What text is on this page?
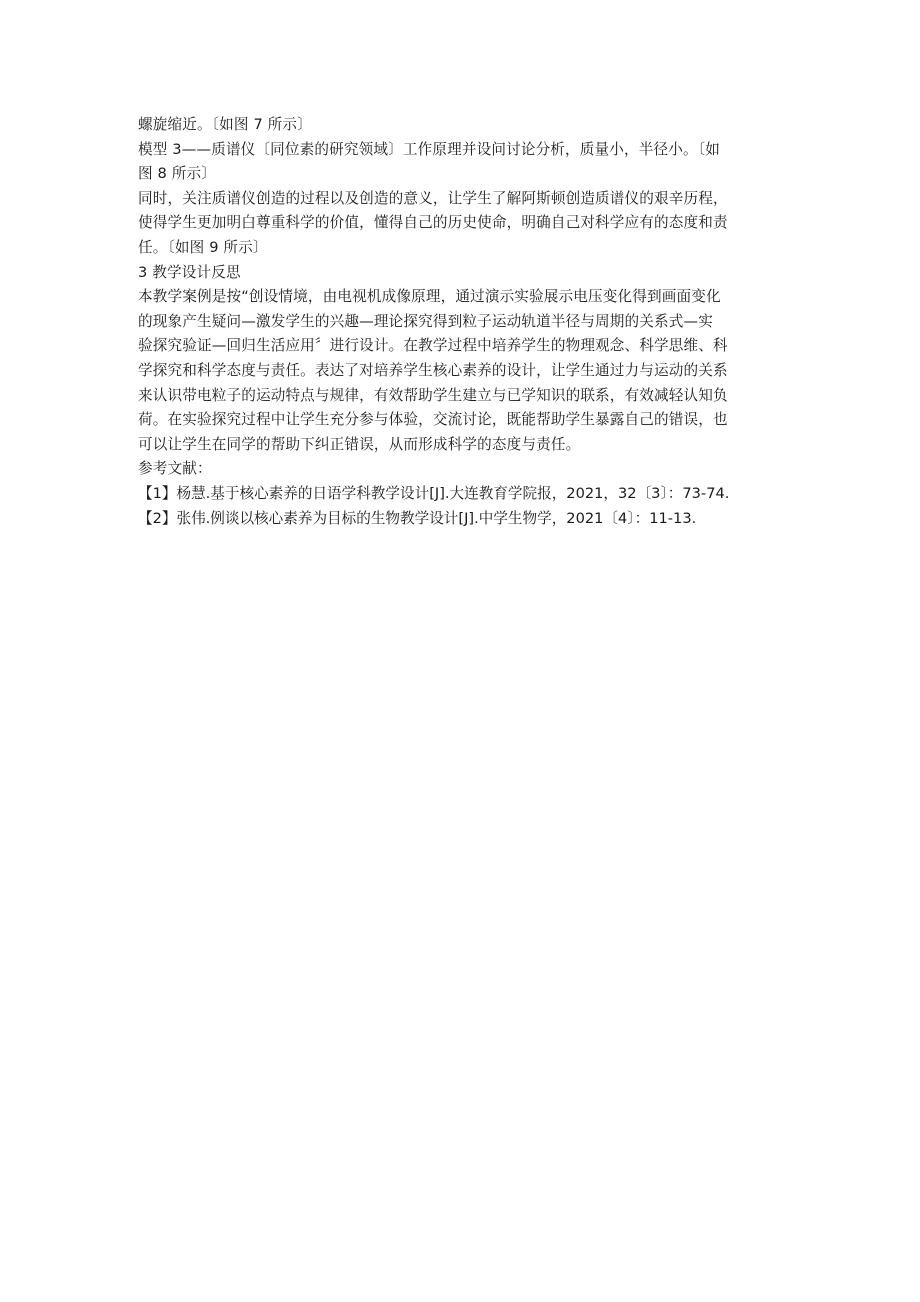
螺旋缩近。〔如图 7 所示〕
模型 3——质谱仪〔同位素的研究领域〕工作原理并设问讨论分析，质量小，半径小。〔如
图 8 所示〕
同时，关注质谱仪创造的过程以及创造的意义，让学生了解阿斯顿创造质谱仪的艰辛历程，
使得学生更加明白尊重科学的价值，懂得自己的历史使命，明确自己对科学应有的态度和责
任。〔如图 9 所示〕
3 教学设计反思
本教学案例是按“创设情境，由电视机成像原理，通过演示实验展示电压变化得到画面变化
的现象产生疑问—激发学生的兴趣—理论探究得到粒子运动轨道半径与周期的关系式—实
验探究验证—回归生活应用〞进行设计。在教学过程中培养学生的物理观念、科学思维、科
学探究和科学态度与责任。表达了对培养学生核心素养的设计，让学生通过力与运动的关系
来认识带电粒子的运动特点与规律，有效帮助学生建立与已学知识的联系，有效减轻认知负
荷。在实验探究过程中让学生充分参与体验，交流讨论，既能帮助学生暴露自己的错误，也
可以让学生在同学的帮助下纠正错误，从而形成科学的态度与责任。
参考文献：
【1】杨慧.基于核心素养的日语学科教学设计[J].大连教育学院报，2021，32〔3〕：73-74.
【2】张伟.例谈以核心素养为目标的生物教学设计[J].中学生物学，2021〔4〕：11-13.
